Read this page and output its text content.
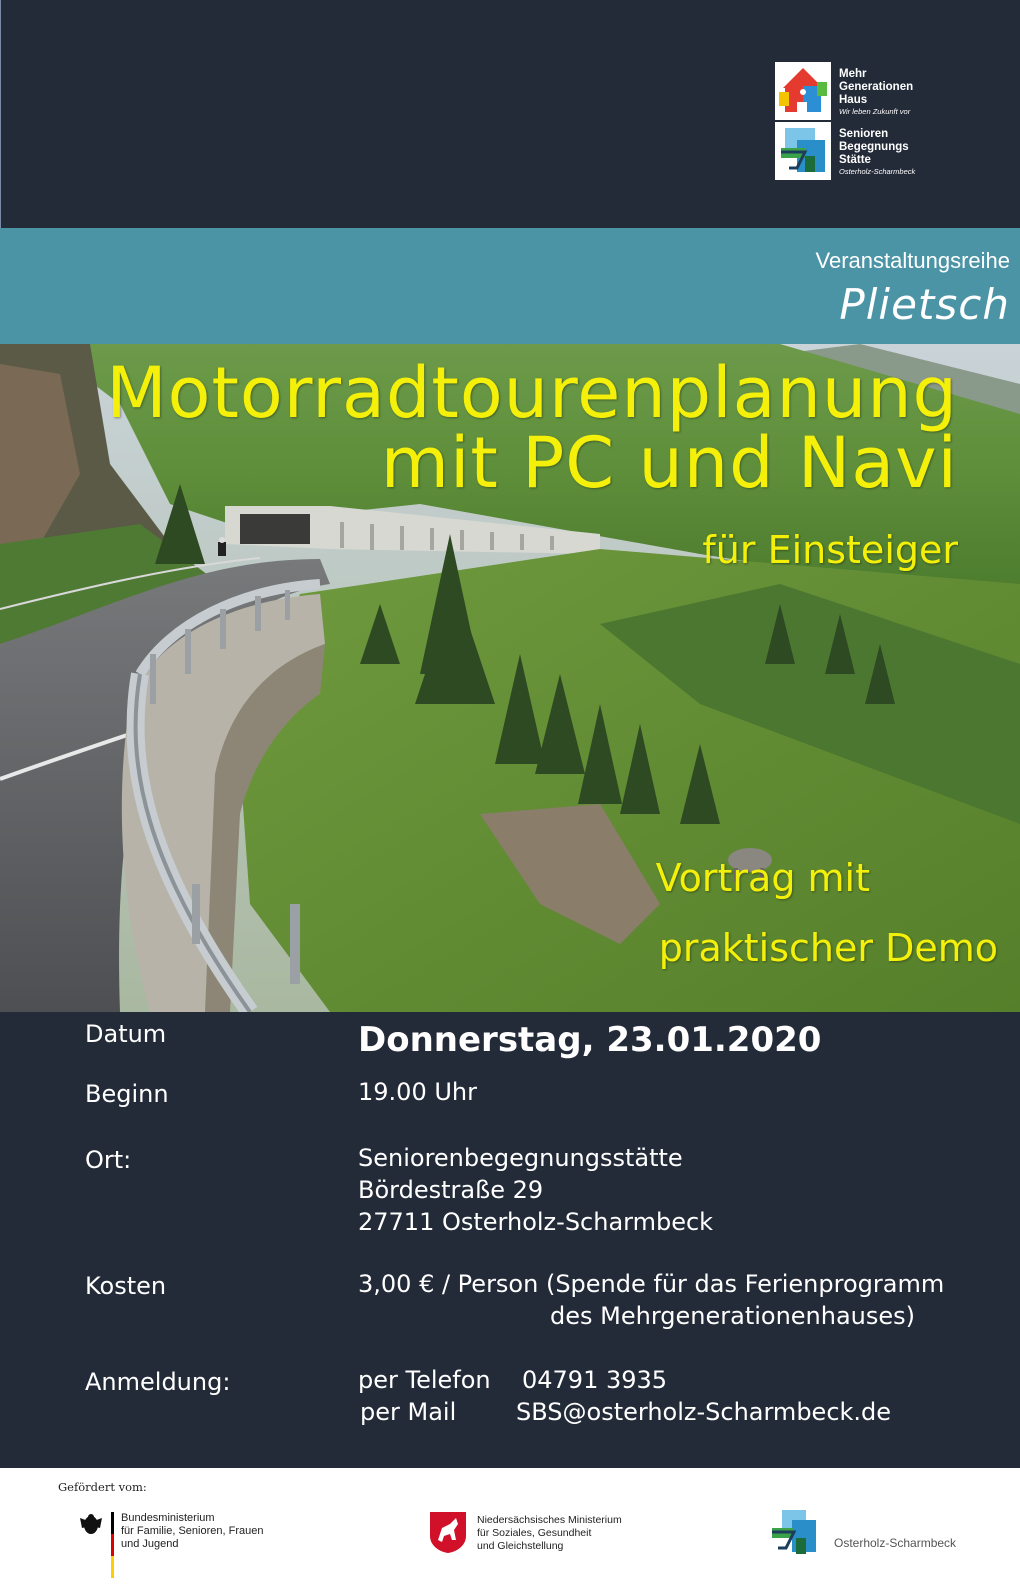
Mehr
Generationen
Haus
Wir leben Zukunft vor
Senioren
Begegnungs
Stätte
Osterholz-Scharmbeck
Veranstaltungsreihe
Plietsch
Motorradtourenplanung
mit PC und Navi
für Einsteiger
Vortrag mit
praktischer Demo
Datum	Donnerstag, 23.01.2020
Beginn	19.00 Uhr
Ort:	Seniorenbegegnungsstätte
Bördestraße 29
27711 Osterholz-Scharmbeck
Kosten	3,00 € / Person (Spende für das Ferienprogramm
des Mehrgenerationenhauses)
Anmeldung:	per Telefon 04791 3935
per Mail SBS@osterholz-Scharmbeck.de
Gefördert vom:
Bundesministerium
für Familie, Senioren, Frauen
und Jugend
Niedersächsisches Ministerium
für Soziales, Gesundheit
und Gleichstellung	Osterholz-Scharmbeck
